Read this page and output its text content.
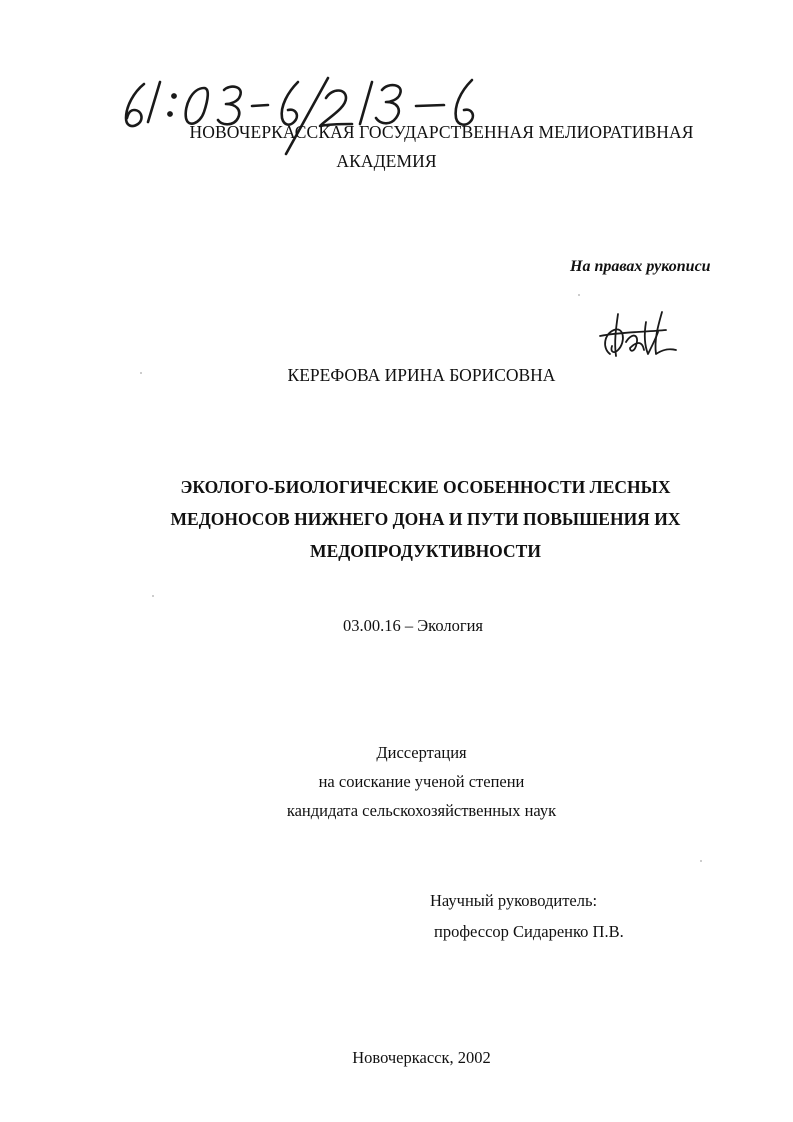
НОВОЧЕРКАССКАЯ ГОСУДАРСТВЕННАЯ МЕЛИОРАТИВНАЯ
АКАДЕМИЯ
На правах рукописи
КЕРЕФОВА ИРИНА БОРИСОВНА
ЭКОЛОГО-БИОЛОГИЧЕСКИЕ ОСОБЕННОСТИ ЛЕСНЫХ
МЕДОНОСОВ НИЖНЕГО ДОНА И ПУТИ ПОВЫШЕНИЯ ИХ
МЕДОПРОДУКТИВНОСТИ
03.00.16 – Экология
Диссертация
на соискание ученой степени
кандидата сельскохозяйственных наук
Научный руководитель:
профессор Сидаренко П.В.
Новочеркасск, 2002
